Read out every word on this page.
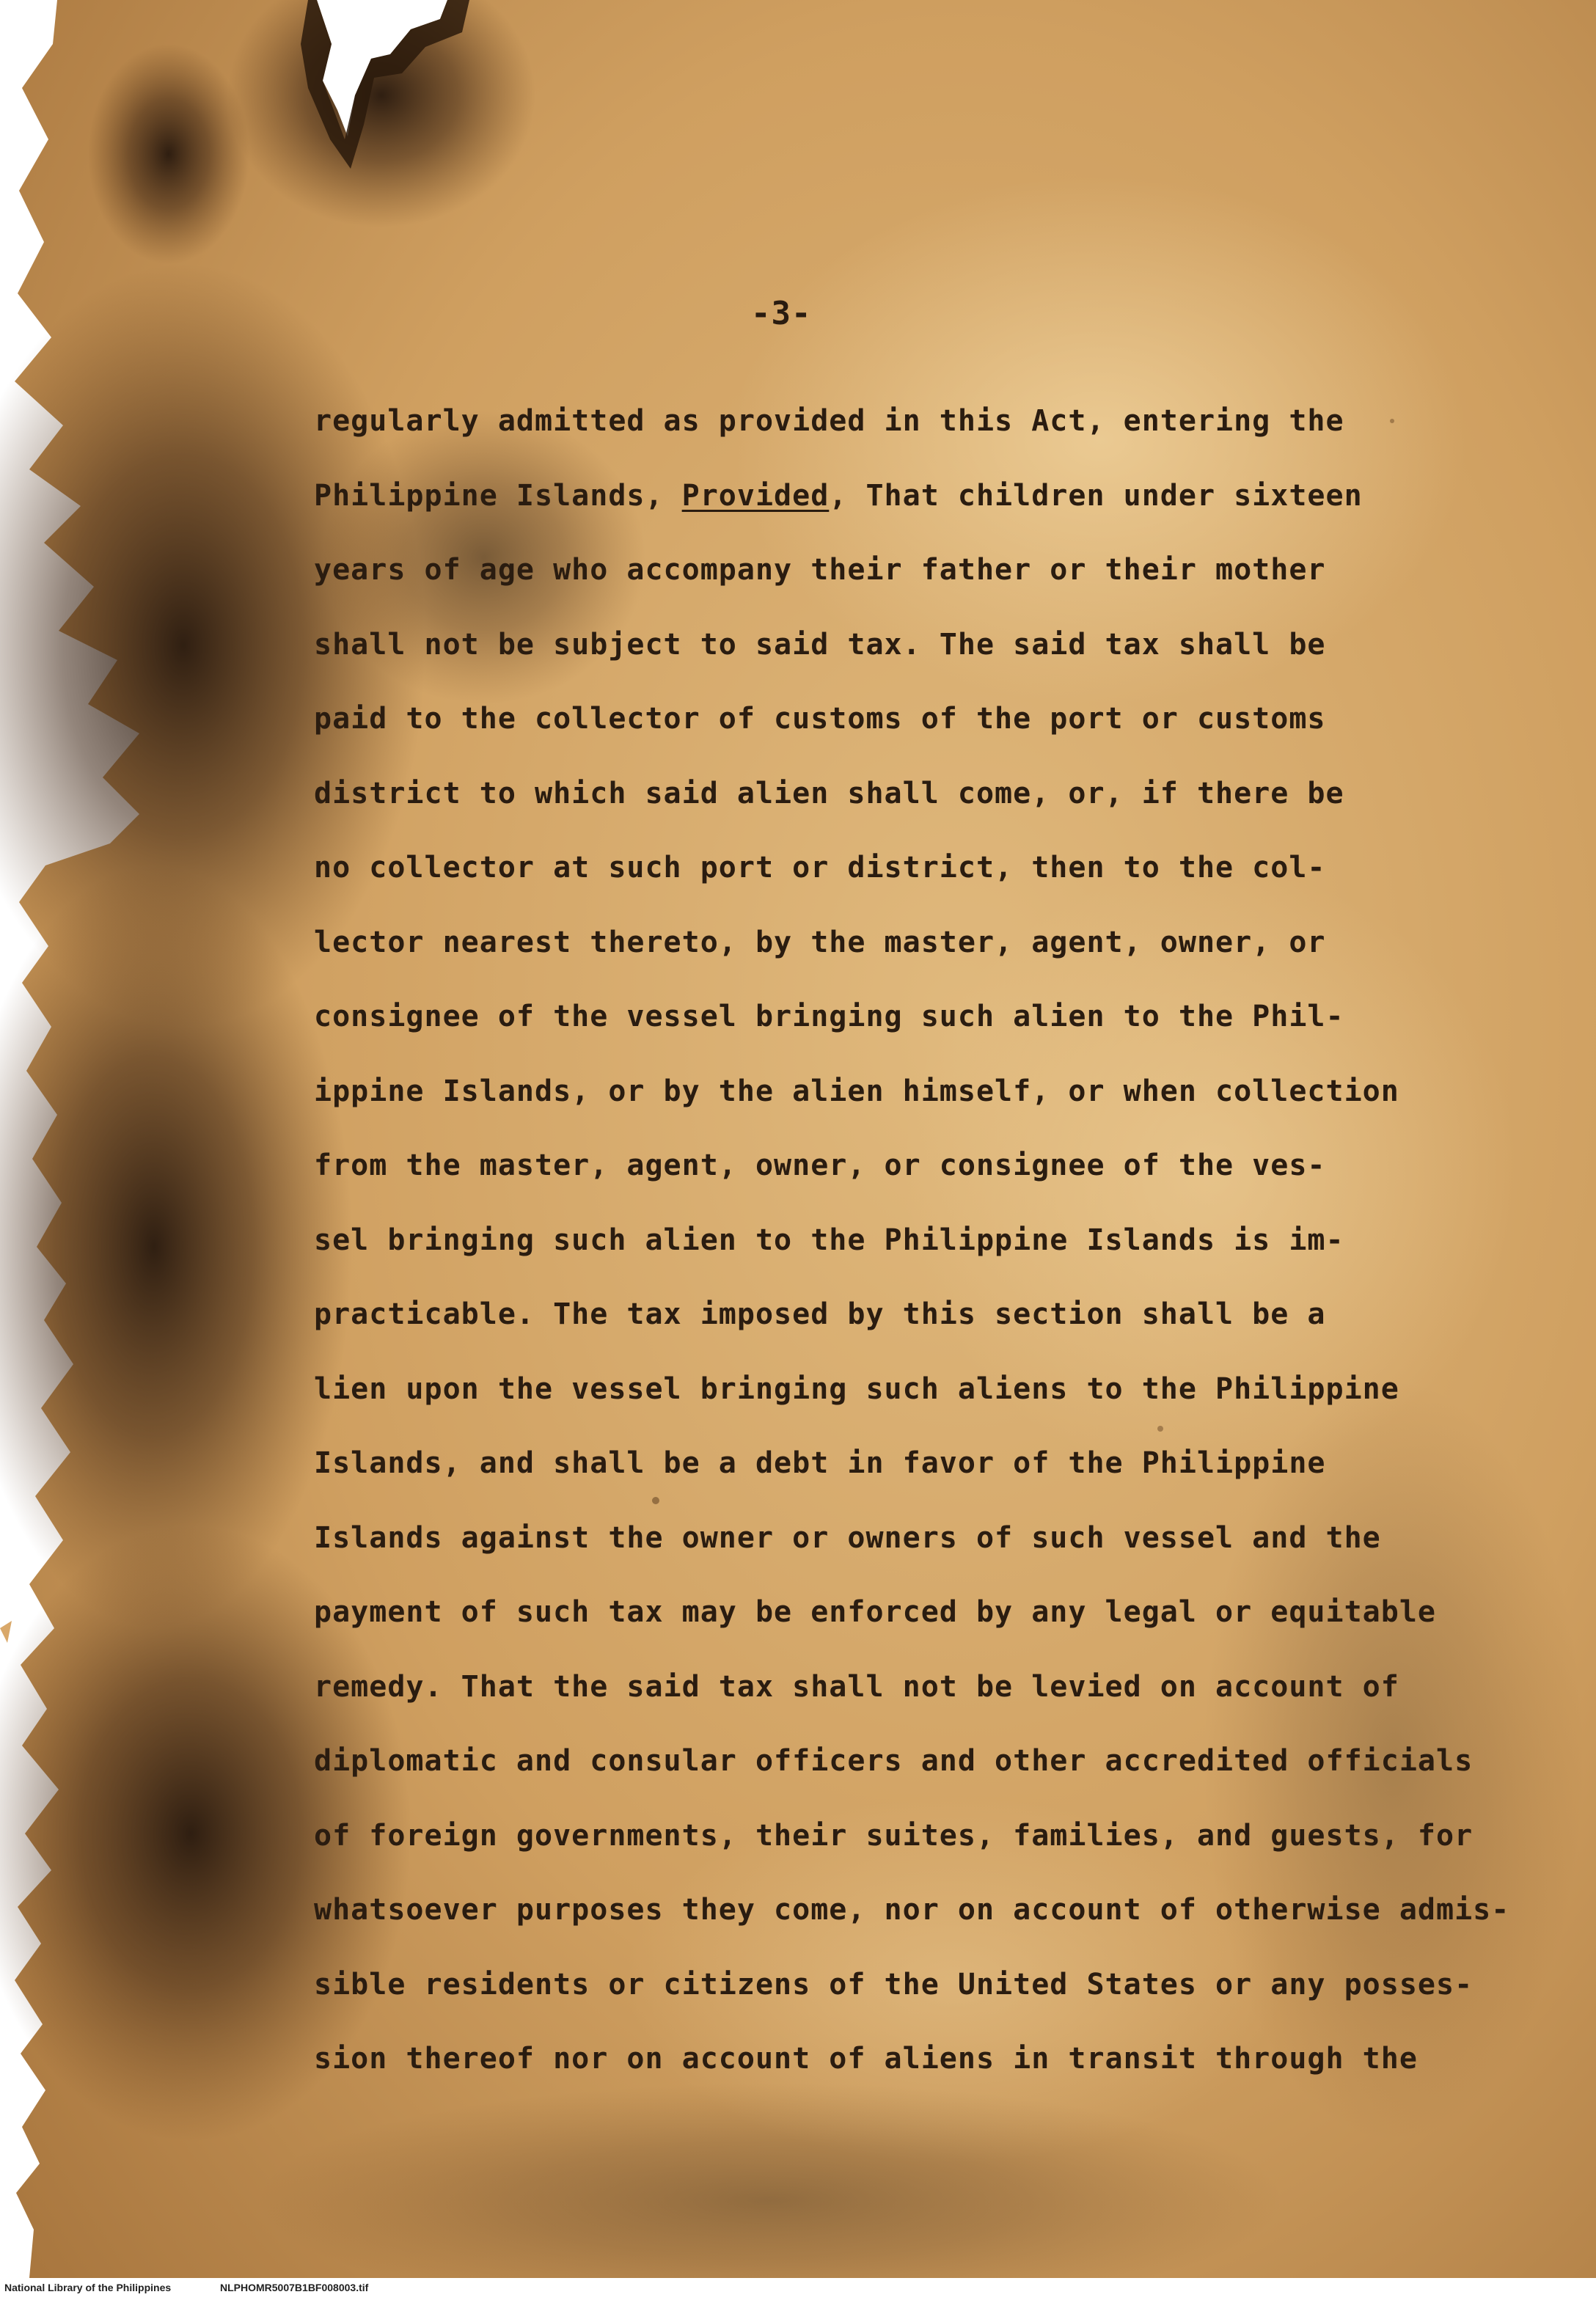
-3-
regularly admitted as provided in this Act, entering the
Philippine Islands, Provided, That children under sixteen
years of age who accompany their father or their mother
shall not be subject to said tax. The said tax shall be
paid to the collector of customs of the port or customs
district to which said alien shall come, or, if there be
no collector at such port or district, then to the col-
lector nearest thereto, by the master, agent, owner, or
consignee of the vessel bringing such alien to the Phil-
ippine Islands, or by the alien himself, or when collection
from the master, agent, owner, or consignee of the ves-
sel bringing such alien to the Philippine Islands is im-
practicable. The tax imposed by this section shall be a
lien upon the vessel bringing such aliens to the Philippine
Islands, and shall be a debt in favor of the Philippine
Islands against the owner or owners of such vessel and the
payment of such tax may be enforced by any legal or equitable
remedy. That the said tax shall not be levied on account of
diplomatic and consular officers and other accredited officials
of foreign governments, their suites, families, and guests, for
whatsoever purposes they come, nor on account of otherwise admis-
sible residents or citizens of the United States or any posses-
sion thereof nor on account of aliens in transit through the
National Library of the Philippines	NLPHOMR5007B1BF008003.tif
